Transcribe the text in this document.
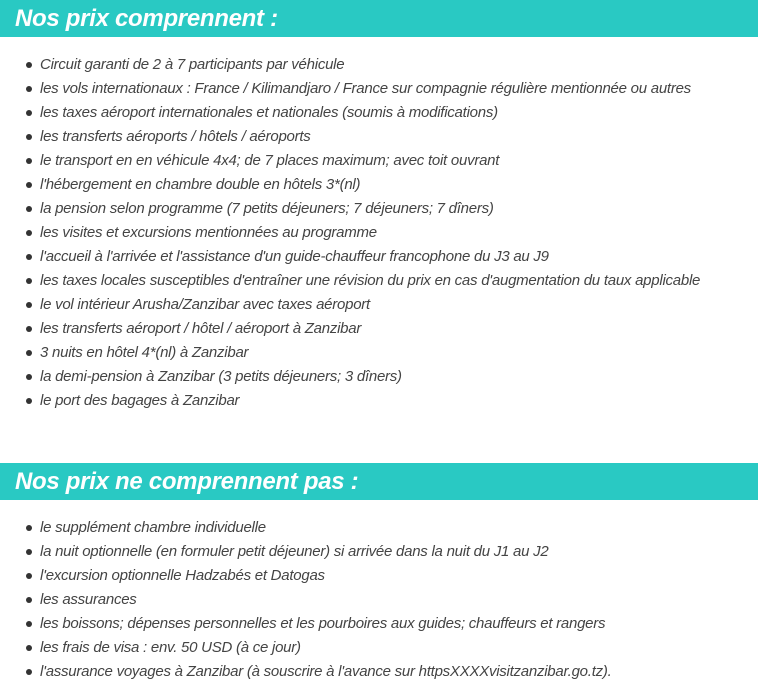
Nos prix comprennent :
Circuit garanti de 2 à 7 participants par véhicule
les vols internationaux : France / Kilimandjaro / France sur compagnie régulière mentionnée ou autres
les taxes aéroport internationales et nationales (soumis à modifications)
les transferts aéroports / hôtels / aéroports
le transport en en véhicule 4x4; de 7 places maximum; avec toit ouvrant
l'hébergement en chambre double en hôtels 3*(nl)
la pension selon programme (7 petits déjeuners; 7 déjeuners; 7 dîners)
les visites et excursions mentionnées au programme
l'accueil à l'arrivée et l'assistance d'un guide-chauffeur francophone du J3 au J9
les taxes locales susceptibles d'entraîner une révision du prix en cas d'augmentation du taux applicable
le vol intérieur Arusha/Zanzibar avec taxes aéroport
les transferts aéroport / hôtel / aéroport à Zanzibar
3 nuits en hôtel 4*(nl) à Zanzibar
la demi-pension à Zanzibar (3 petits déjeuners; 3 dîners)
le port des bagages à Zanzibar
Nos prix ne comprennent pas :
le supplément chambre individuelle
la nuit optionnelle (en formuler petit déjeuner) si arrivée dans la nuit du J1 au J2
l'excursion optionnelle Hadzabés et Datogas
les assurances
les boissons; dépenses personnelles et les pourboires aux guides; chauffeurs et rangers
les frais de visa : env. 50 USD (à ce jour)
l'assurance voyages à Zanzibar (à souscrire à l'avance sur httpsXXXXvisitzanzibar.go.tz).
